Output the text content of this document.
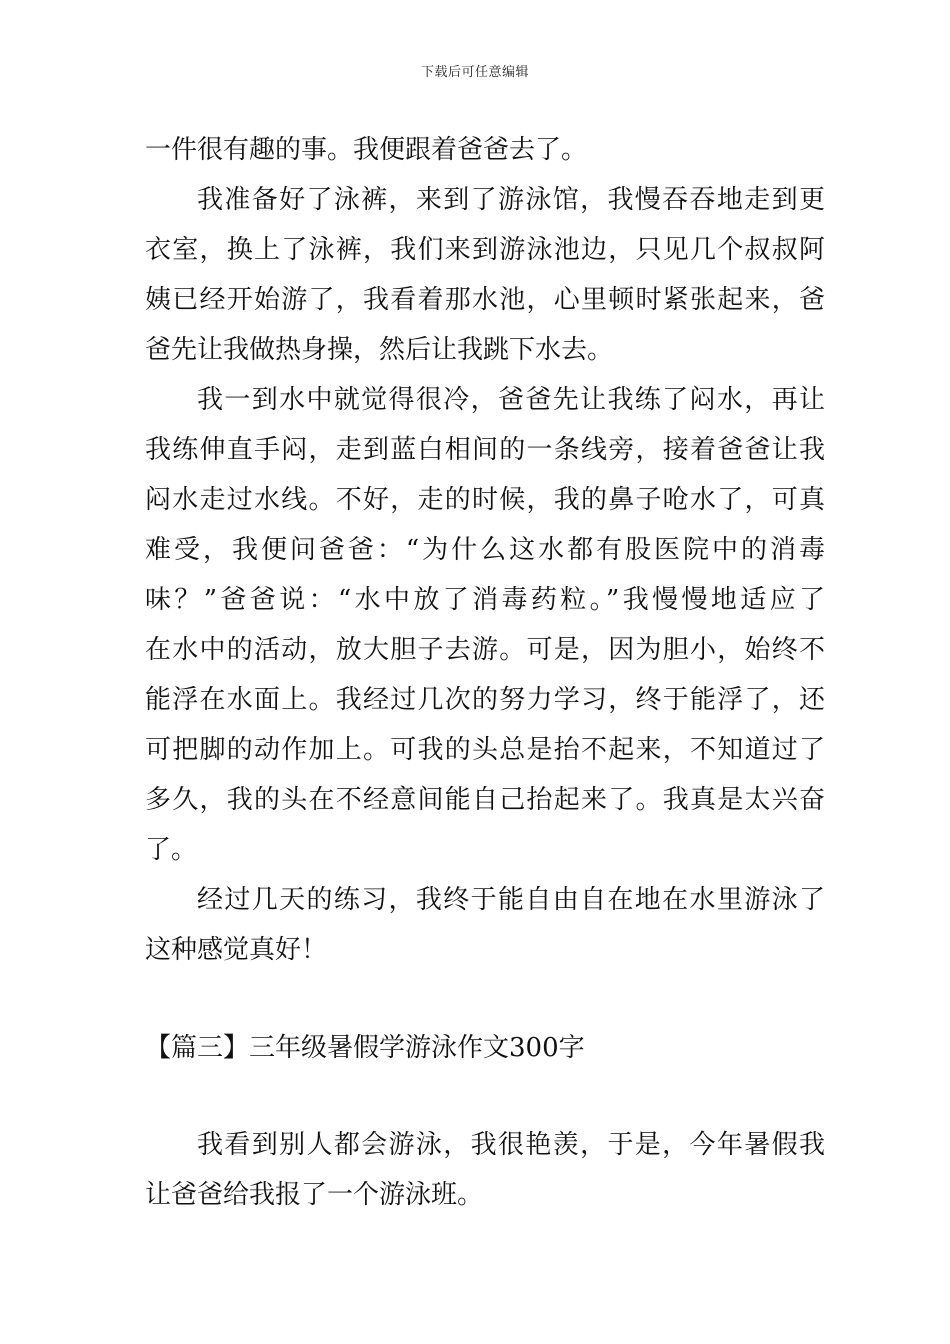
下载后可任意编辑
一件很有趣的事。我便跟着爸爸去了。
我准备好了泳裤，来到了游泳馆，我慢吞吞地走到更
衣室，换上了泳裤，我们来到游泳池边，只见几个叔叔阿
姨已经开始游了，我看着那水池，心里顿时紧张起来，爸
爸先让我做热身操，然后让我跳下水去。
我一到水中就觉得很冷，爸爸先让我练了闷水，再让
我练伸直手闷，走到蓝白相间的一条线旁，接着爸爸让我
闷水走过水线。不好，走的时候，我的鼻子呛水了，可真
难受，我便问爸爸：“为什么这水都有股医院中的消毒
味？”爸爸说：“水中放了消毒药粒。”我慢慢地适应了
在水中的活动，放大胆子去游。可是，因为胆小，始终不
能浮在水面上。我经过几次的努力学习，终于能浮了，还
可把脚的动作加上。可我的头总是抬不起来，不知道过了
多久，我的头在不经意间能自己抬起来了。我真是太兴奋
了。
经过几天的练习，我终于能自由自在地在水里游泳了
这种感觉真好！
【篇三】三年级暑假学游泳作文300字
我看到别人都会游泳，我很艳羡，于是，今年暑假我
让爸爸给我报了一个游泳班。
